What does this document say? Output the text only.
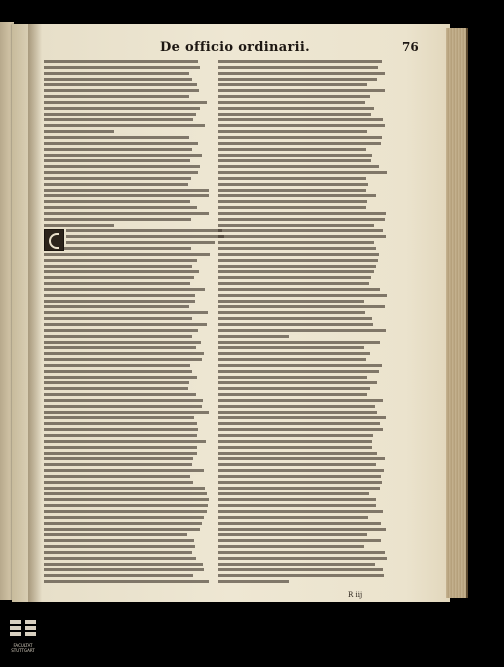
De officio ordinarii.	76
R iij
FACULTAT
STUTTGART
